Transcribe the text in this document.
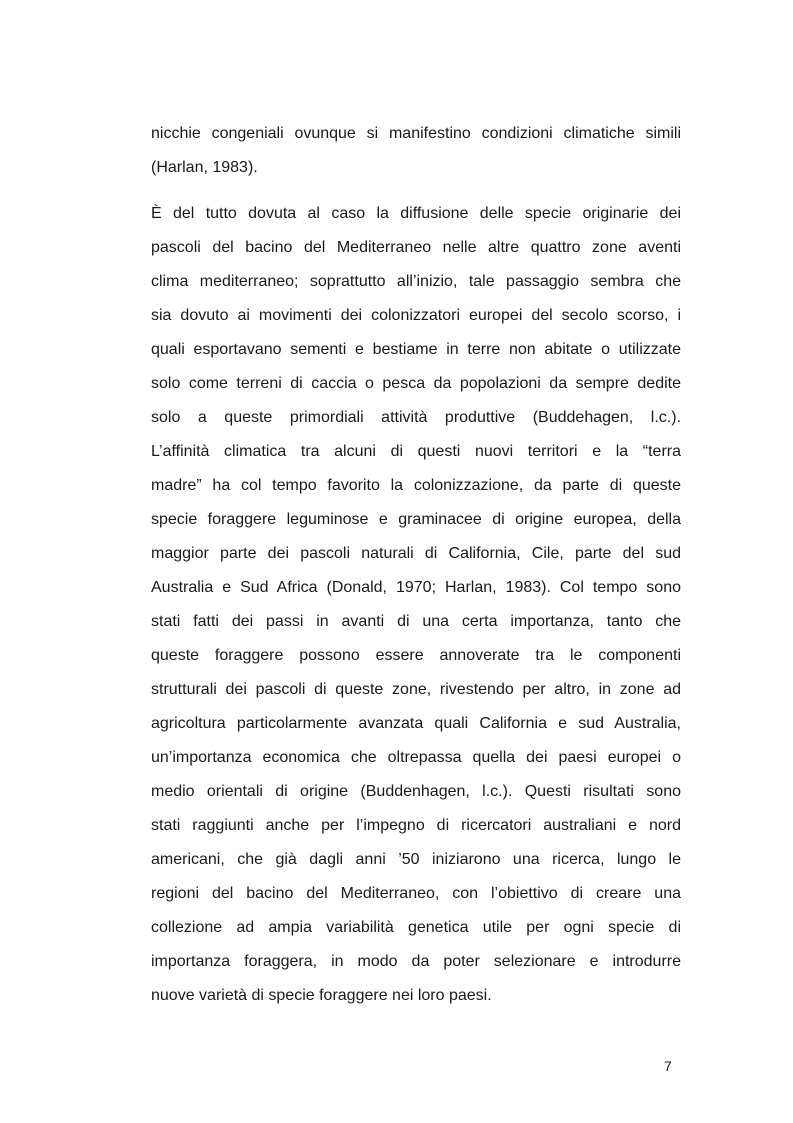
nicchie congeniali ovunque si manifestino condizioni climatiche simili
(Harlan, 1983).
È del tutto dovuta al caso la diffusione delle specie originarie dei
pascoli del bacino del Mediterraneo nelle altre quattro zone aventi
clima mediterraneo; soprattutto all’inizio, tale passaggio sembra che
sia dovuto ai movimenti dei colonizzatori europei del secolo scorso, i
quali esportavano sementi e bestiame in terre non abitate o utilizzate
solo come terreni di caccia o pesca da popolazioni da sempre dedite
solo a queste primordiali attività produttive (Buddehagen, l.c.).
L’affinità climatica tra alcuni di questi nuovi territori e la “terra
madre” ha col tempo favorito la colonizzazione, da parte di queste
specie foraggere leguminose e graminacee di origine europea, della
maggior parte dei pascoli naturali di California, Cile, parte del sud
Australia e Sud Africa (Donald, 1970; Harlan, 1983). Col tempo sono
stati fatti dei passi in avanti di una certa importanza, tanto che
queste foraggere possono essere annoverate tra le componenti
strutturali dei pascoli di queste zone, rivestendo per altro, in zone ad
agricoltura particolarmente avanzata quali California e sud Australia,
un’importanza economica che oltrepassa quella dei paesi europei o
medio orientali di origine (Buddenhagen, l.c.). Questi risultati sono
stati raggiunti anche per l’impegno di ricercatori australiani e nord
americani, che già dagli anni ’50 iniziarono una ricerca, lungo le
regioni del bacino del Mediterraneo, con l’obiettivo di creare una
collezione ad ampia variabilità genetica utile per ogni specie di
importanza foraggera, in modo da poter selezionare e introdurre
nuove varietà di specie foraggere nei loro paesi.
7
